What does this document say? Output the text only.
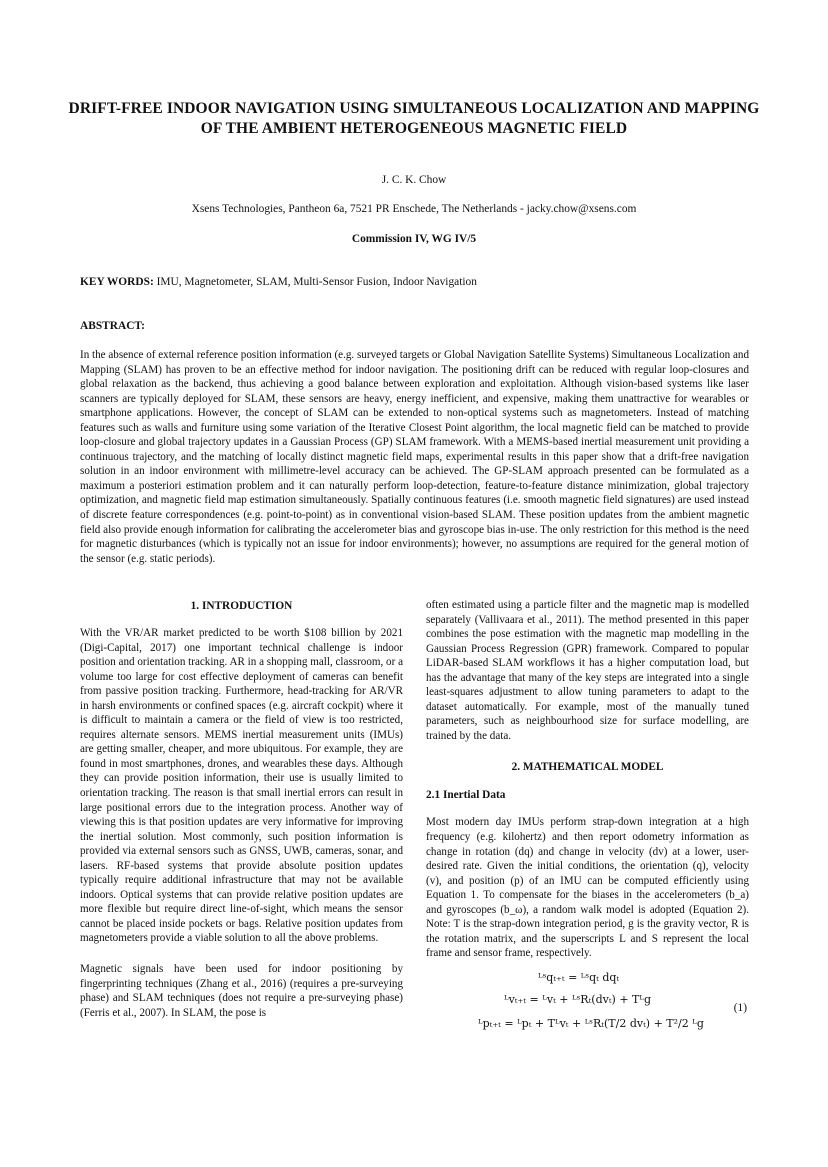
DRIFT-FREE INDOOR NAVIGATION USING SIMULTANEOUS LOCALIZATION AND MAPPING OF THE AMBIENT HETEROGENEOUS MAGNETIC FIELD
J. C. K. Chow
Xsens Technologies, Pantheon 6a, 7521 PR Enschede, The Netherlands - jacky.chow@xsens.com
Commission IV, WG IV/5
KEY WORDS: IMU, Magnetometer, SLAM, Multi-Sensor Fusion, Indoor Navigation
ABSTRACT:
In the absence of external reference position information (e.g. surveyed targets or Global Navigation Satellite Systems) Simultaneous Localization and Mapping (SLAM) has proven to be an effective method for indoor navigation. The positioning drift can be reduced with regular loop-closures and global relaxation as the backend, thus achieving a good balance between exploration and exploitation. Although vision-based systems like laser scanners are typically deployed for SLAM, these sensors are heavy, energy inefficient, and expensive, making them unattractive for wearables or smartphone applications. However, the concept of SLAM can be extended to non-optical systems such as magnetometers. Instead of matching features such as walls and furniture using some variation of the Iterative Closest Point algorithm, the local magnetic field can be matched to provide loop-closure and global trajectory updates in a Gaussian Process (GP) SLAM framework. With a MEMS-based inertial measurement unit providing a continuous trajectory, and the matching of locally distinct magnetic field maps, experimental results in this paper show that a drift-free navigation solution in an indoor environment with millimetre-level accuracy can be achieved. The GP-SLAM approach presented can be formulated as a maximum a posteriori estimation problem and it can naturally perform loop-detection, feature-to-feature distance minimization, global trajectory optimization, and magnetic field map estimation simultaneously. Spatially continuous features (i.e. smooth magnetic field signatures) are used instead of discrete feature correspondences (e.g. point-to-point) as in conventional vision-based SLAM. These position updates from the ambient magnetic field also provide enough information for calibrating the accelerometer bias and gyroscope bias in-use. The only restriction for this method is the need for magnetic disturbances (which is typically not an issue for indoor environments); however, no assumptions are required for the general motion of the sensor (e.g. static periods).
1. INTRODUCTION

With the VR/AR market predicted to be worth $108 billion by 2021 (Digi-Capital, 2017) one important technical challenge is indoor position and orientation tracking. AR in a shopping mall, classroom, or a volume too large for cost effective deployment of cameras can benefit from passive position tracking. Furthermore, head-tracking for AR/VR in harsh environments or confined spaces (e.g. aircraft cockpit) where it is difficult to maintain a camera or the field of view is too restricted, requires alternate sensors. MEMS inertial measurement units (IMUs) are getting smaller, cheaper, and more ubiquitous. For example, they are found in most smartphones, drones, and wearables these days. Although they can provide position information, their use is usually limited to orientation tracking. The reason is that small inertial errors can result in large positional errors due to the integration process. Another way of viewing this is that position updates are very informative for improving the inertial solution. Most commonly, such position information is provided via external sensors such as GNSS, UWB, cameras, sonar, and lasers. RF-based systems that provide absolute position updates typically require additional infrastructure that may not be available indoors. Optical systems that can provide relative position updates are more flexible but require direct line-of-sight, which means the sensor cannot be placed inside pockets or bags. Relative position updates from magnetometers provide a viable solution to all the above problems.

Magnetic signals have been used for indoor positioning by fingerprinting techniques (Zhang et al., 2016) (requires a pre-surveying phase) and SLAM techniques (does not require a pre-surveying phase) (Ferris et al., 2007). In SLAM, the pose is

often estimated using a particle filter and the magnetic map is modelled separately (Vallivaara et al., 2011). The method presented in this paper combines the pose estimation with the magnetic map modelling in the Gaussian Process Regression (GPR) framework. Compared to popular LiDAR-based SLAM workflows it has a higher computation load, but has the advantage that many of the key steps are integrated into a single least-squares adjustment to allow tuning parameters to adapt to the dataset automatically. For example, most of the manually tuned parameters, such as neighbourhood size for surface modelling, are trained by the data.

2. MATHEMATICAL MODEL
2.1 Inertial Data

Most modern day IMUs perform strap-down integration at a high frequency (e.g. kilohertz) and then report odometry information as change in rotation (dq) and change in velocity (dv) at a lower, user-desired rate. Given the initial conditions, the orientation (q), velocity (v), and position (p) of an IMU can be computed efficiently using Equation 1. To compensate for the biases in the accelerometers (b_a) and gyroscopes (b_ω), a random walk model is adopted (Equation 2). Note: T is the strap-down integration period, g is the gravity vector, R is the rotation matrix, and the superscripts L and S represent the local frame and sensor frame, respectively.

ᴸˢqₜ₊ₜ = ᴸˢqₜ dqₜ
ᴸvₜ₊ₜ = ᴸvₜ + ᴸˢRₜ(dvₜ) + Tᴸg
ᴸpₜ₊ₜ = ᴸpₜ + Tᴸvₜ + ᴸˢRₜ(T/2 dvₜ) + T²/2 ᴸg
(1)
